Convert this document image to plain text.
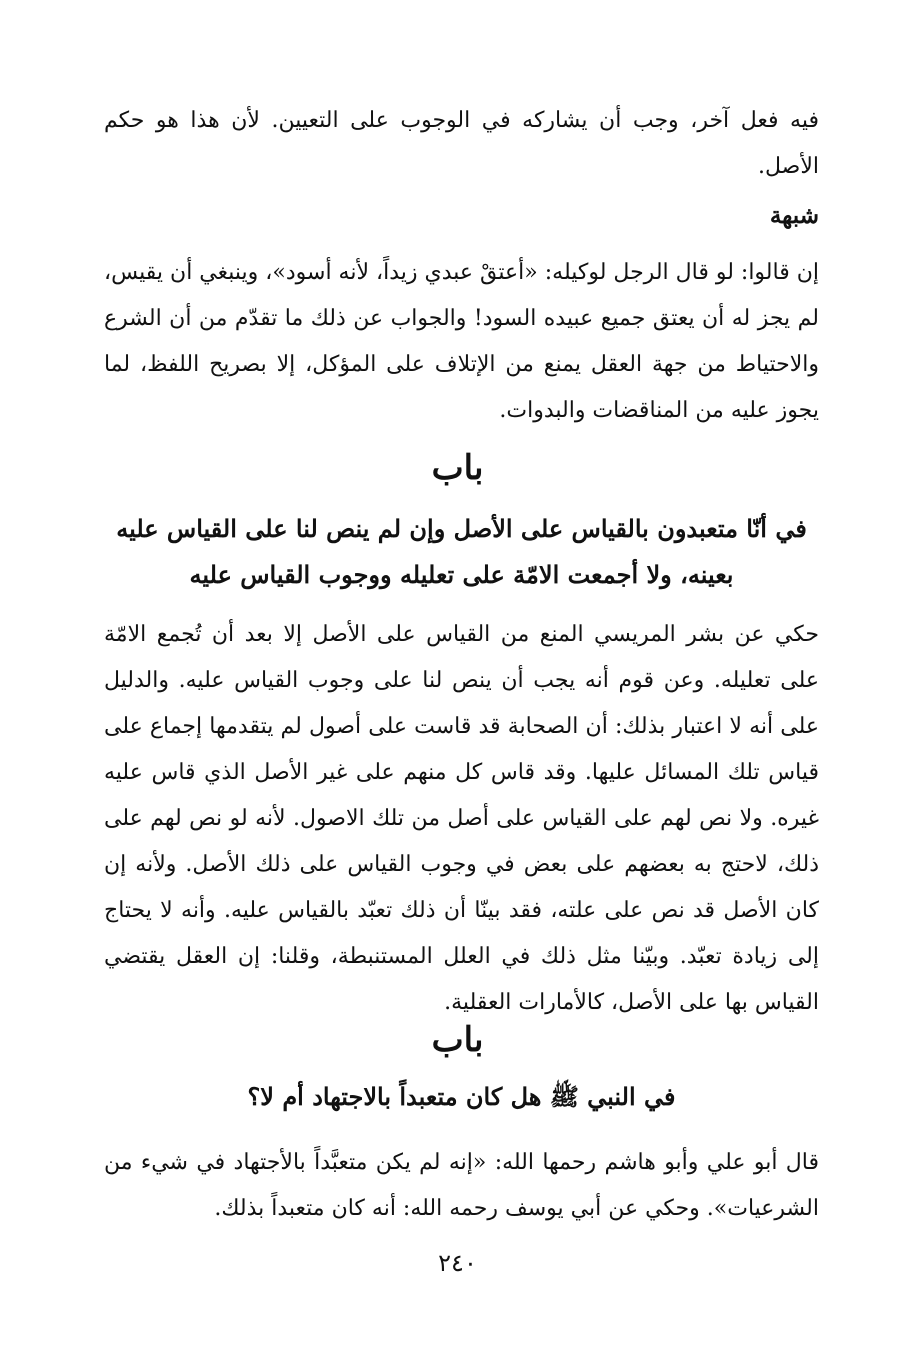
فيه فعل آخر، وجب أن يشاركه في الوجوب على التعيين. لأن هذا هو حكم الأصل.

شبهة

إن قالوا: لو قال الرجل لوكيله: «أعتقْ عبدي زيداً، لأنه أسود»، وينبغي أن يقيس، لم يجز له أن يعتق جميع عبيده السود! والجواب عن ذلك ما تقدّم من أن الشرع والاحتياط من جهة العقل يمنع من الإتلاف على المؤكل، إلا بصريح اللفظ، لما يجوز عليه من المناقضات والبدوات.

باب
في أنّا متعبدون بالقياس على الأصل وإن لم ينص لنا على القياس عليه
بعينه، ولا أجمعت الامّة على تعليله ووجوب القياس عليه

حكي عن بشر المريسي المنع من القياس على الأصل إلا بعد أن تُجمع الامّة على تعليله. وعن قوم أنه يجب أن ينص لنا على وجوب القياس عليه. والدليل على أنه لا اعتبار بذلك: أن الصحابة قد قاست على أصول لم يتقدمها إجماع على قياس تلك المسائل عليها. وقد قاس كل منهم على غير الأصل الذي قاس عليه غيره. ولا نص لهم على القياس على أصل من تلك الاصول. لأنه لو نص لهم على ذلك، لاحتج به بعضهم على بعض في وجوب القياس على ذلك الأصل. ولأنه إن كان الأصل قد نص على علته، فقد بينّا أن ذلك تعبّد بالقياس عليه. وأنه لا يحتاج إلى زيادة تعبّد. وبيّنا مثل ذلك في العلل المستنبطة، وقلنا: إن العقل يقتضي القياس بها على الأصل، كالأمارات العقلية.

باب
في النبي ﷺ هل كان متعبداً بالاجتهاد أم لا؟

قال أبو علي وأبو هاشم رحمها الله: «إنه لم يكن متعبَّداً بالأجتهاد في شيء من الشرعيات». وحكي عن أبي يوسف رحمه الله: أنه كان متعبداً بذلك.

٢٤٠
